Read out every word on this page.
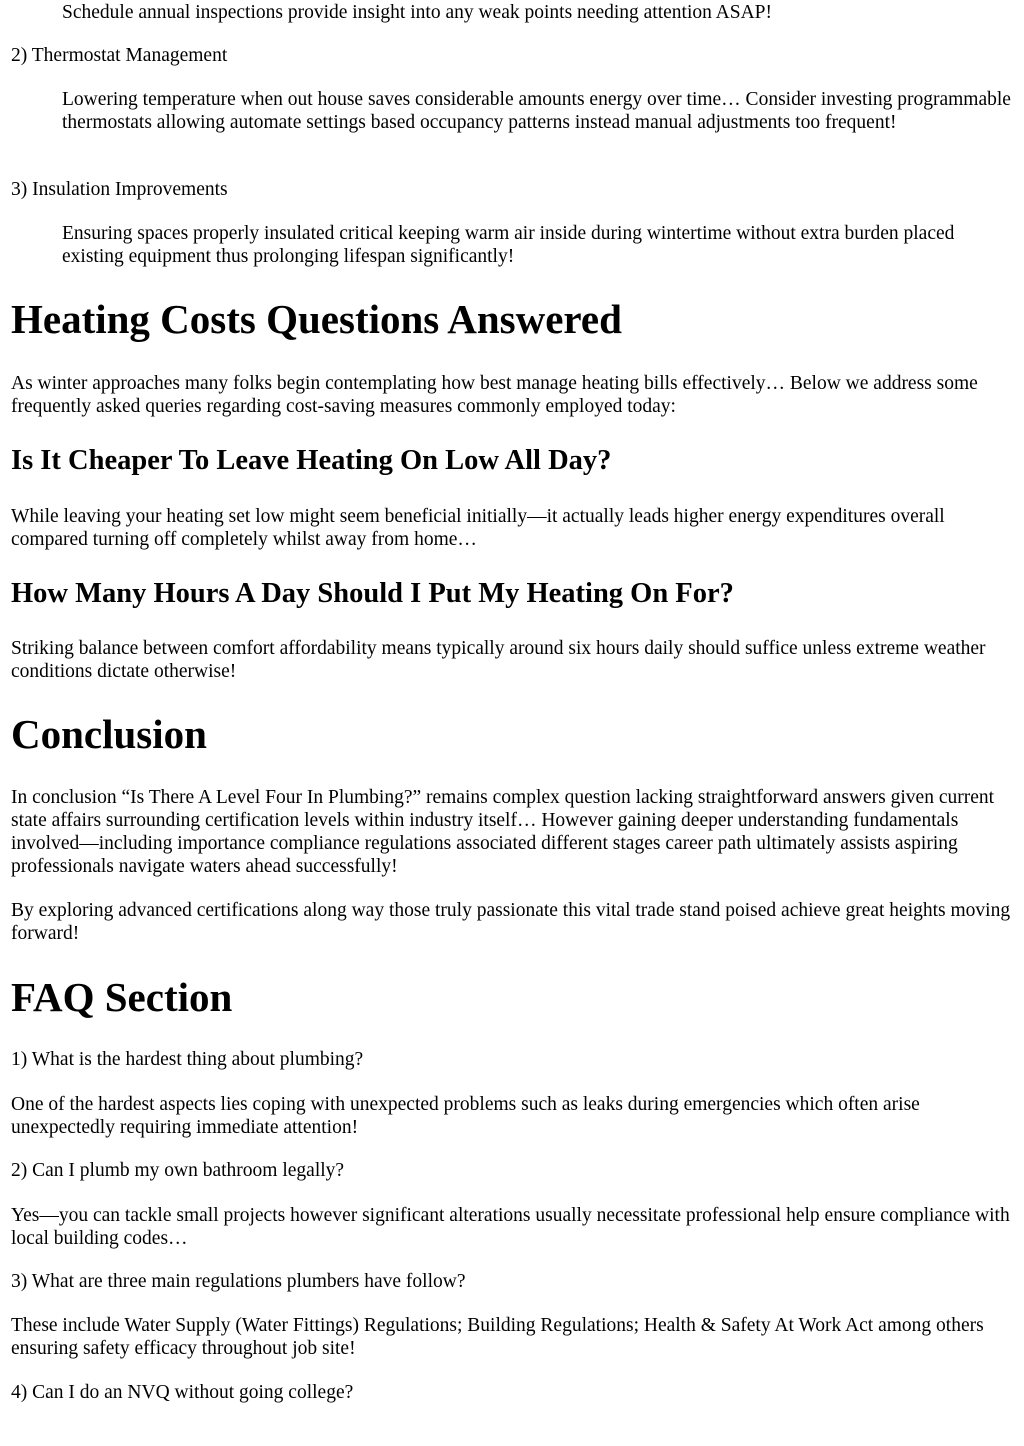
Schedule annual inspections provide insight into any weak points needing attention ASAP!

2) Thermostat Management

Lowering temperature when out house saves considerable amounts energy over time… Consider investing programmable thermostats allowing automate settings based occupancy patterns instead manual adjustments too frequent!

3) Insulation Improvements

Ensuring spaces properly insulated critical keeping warm air inside during wintertime without extra burden placed existing equipment thus prolonging lifespan significantly!

Heating Costs Questions Answered

As winter approaches many folks begin contemplating how best manage heating bills effectively… Below we address some frequently asked queries regarding cost-saving measures commonly employed today:

Is It Cheaper To Leave Heating On Low All Day?

While leaving your heating set low might seem beneficial initially—it actually leads higher energy expenditures overall compared turning off completely whilst away from home…

How Many Hours A Day Should I Put My Heating On For?

Striking balance between comfort affordability means typically around six hours daily should suffice unless extreme weather conditions dictate otherwise!

Conclusion

In conclusion “Is There A Level Four In Plumbing?” remains complex question lacking straightforward answers given current state affairs surrounding certification levels within industry itself… However gaining deeper understanding fundamentals involved—including importance compliance regulations associated different stages career path ultimately assists aspiring professionals navigate waters ahead successfully!

By exploring advanced certifications along way those truly passionate this vital trade stand poised achieve great heights moving forward!

FAQ Section

1) What is the hardest thing about plumbing?

One of the hardest aspects lies coping with unexpected problems such as leaks during emergencies which often arise unexpectedly requiring immediate attention!

2) Can I plumb my own bathroom legally?

Yes—you can tackle small projects however significant alterations usually necessitate professional help ensure compliance with local building codes…

3) What are three main regulations plumbers have follow?

These include Water Supply (Water Fittings) Regulations; Building Regulations; Health & Safety At Work Act among others ensuring safety efficacy throughout job site!

4) Can I do an NVQ without going college?
